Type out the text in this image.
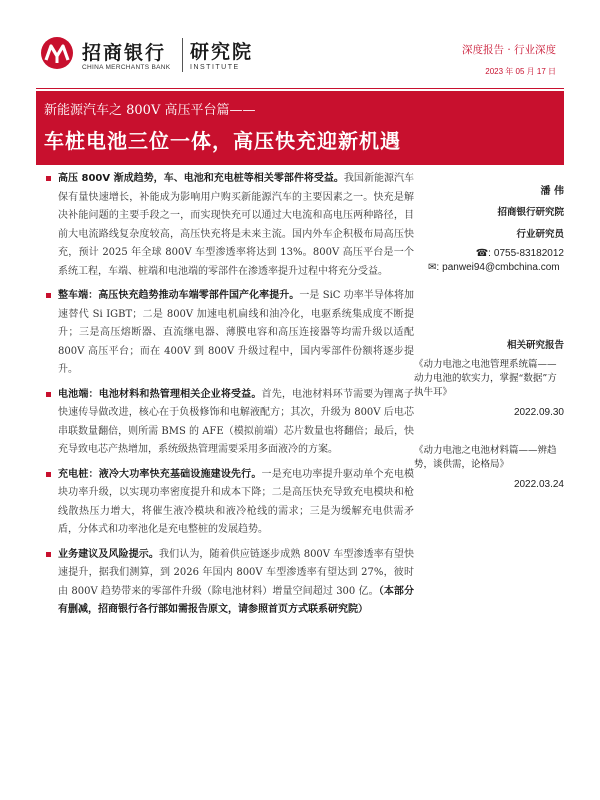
招商银行
CHINA MERCHANTS BANK
研究院
INSTITUTE
深度报告 · 行业深度
2023 年 05 月 17 日
新能源汽车之 800V 高压平台篇——
车桩电池三位一体，高压快充迎新机遇
高压 800V 渐成趋势，车、电池和充电桩等相关零部件将受益。我国新能源汽车保有量快速增长，补能成为影响用户购买新能源汽车的主要因素之一。快充是解决补能问题的主要手段之一，而实现快充可以通过大电流和高电压两种路径，目前大电流路线复杂度较高，高压快充将是未来主流。国内外车企积极布局高压快充，预计 2025 年全球 800V 车型渗透率将达到 13%。800V 高压平台是一个系统工程，车端、桩端和电池端的零部件在渗透率提升过程中将充分受益。
整车端：高压快充趋势推动车端零部件国产化率提升。一是 SiC 功率半导体将加速替代 Si IGBT；二是 800V 加速电机扁线和油冷化，电驱系统集成度不断提升；三是高压熔断器、直流继电器、薄膜电容和高压连接器等均需升级以适配 800V 高压平台；而在 400V 到 800V 升级过程中，国内零部件份额将逐步提升。
电池端：电池材料和热管理相关企业将受益。首先，电池材料环节需要为锂离子快速传导做改进，核心在于负极修饰和电解液配方；其次，升级为 800V 后电芯串联数量翻倍，则所需 BMS 的 AFE（模拟前端）芯片数量也将翻倍；最后，快充导致电芯产热增加，系统级热管理需要采用多面液冷的方案。
充电桩：液冷大功率快充基础设施建设先行。一是充电功率提升驱动单个充电模块功率升级，以实现功率密度提升和成本下降；二是高压快充导致充电模块和枪线散热压力增大，将催生液冷模块和液冷枪线的需求；三是为缓解充电供需矛盾，分体式和功率池化是充电整桩的发展趋势。
业务建议及风险提示。我们认为，随着供应链逐步成熟 800V 车型渗透率有望快速提升，据我们测算，到 2026 年国内 800V 车型渗透率有望达到 27%，彼时由 800V 趋势带来的零部件升级（除电池材料）增量空间超过 300 亿。（本部分有删减，招商银行各行部如需报告原文，请参照首页方式联系研究院）
潘 伟
招商银行研究院
行业研究员
☎: 0755-83182012
✉: panwei94@cmbchina.com
相关研究报告
《动力电池之电池管理系统篇——动力电池的软实力，掌握“数据”方执牛耳》
2022.09.30
《动力电池之电池材料篇——辨趋势，谈供需，论格局》
2022.03.24
